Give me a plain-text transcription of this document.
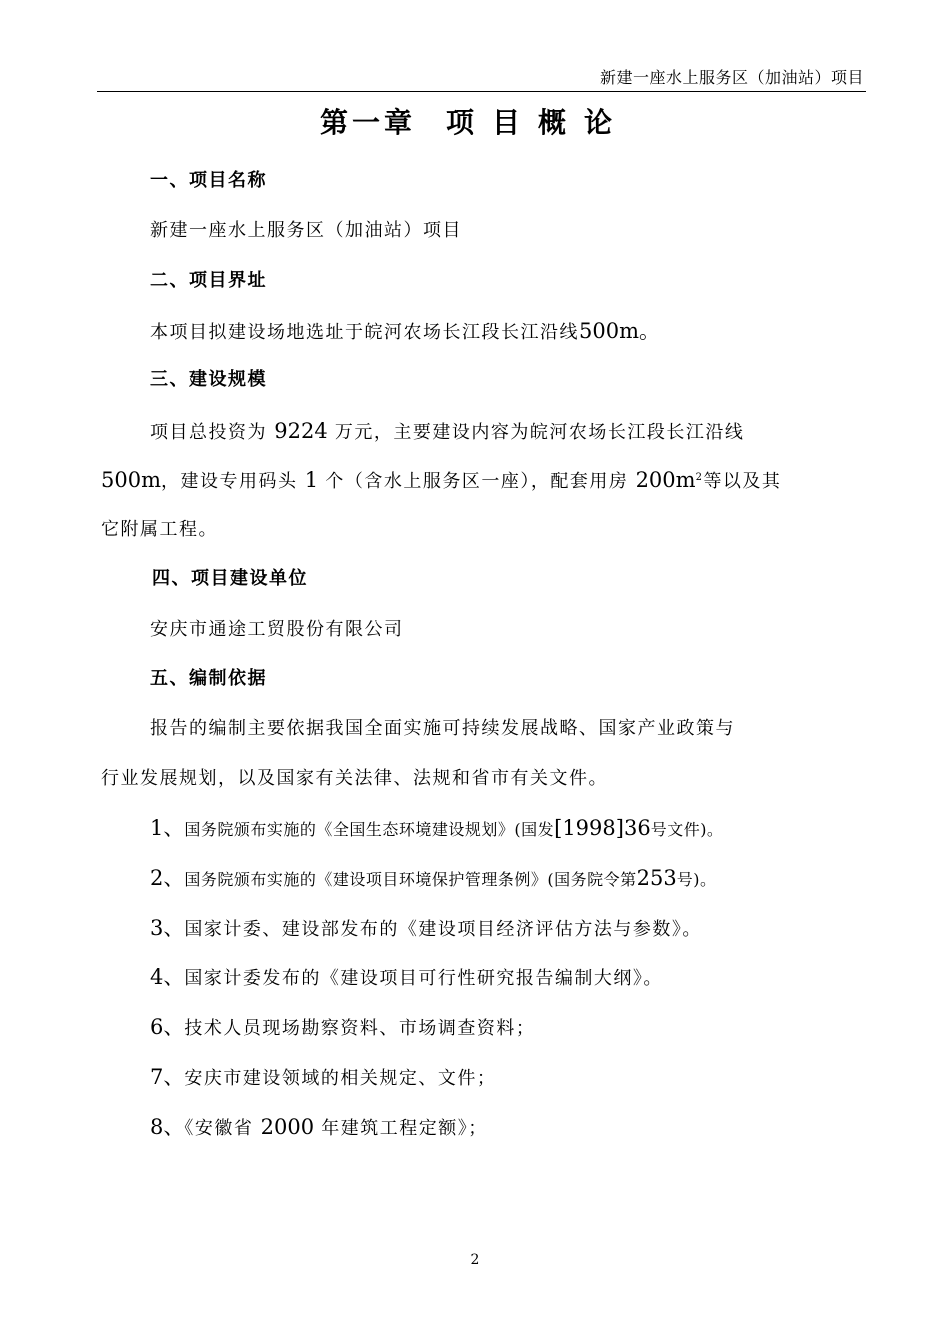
新建一座水上服务区（加油站）项目
第一章 项目概论
一、项目名称
新建一座水上服务区（加油站）项目
二、项目界址
本项目拟建设场地选址于皖河农场长江段长江沿线500m。
三、建设规模
项目总投资为 9224 万元，主要建设内容为皖河农场长江段长江沿线
500m，建设专用码头 1 个（含水上服务区一座），配套用房 $200m^2$等以及其
它附属工程。
四、项目建设单位
安庆市通途工贸股份有限公司
五、编制依据
报告的编制主要依据我国全面实施可持续发展战略、国家产业政策与
行业发展规划，以及国家有关法律、法规和省市有关文件。
1、国务院颁布实施的《全国生态环境建设规划》(国发[1998]36号文件)。
2、国务院颁布实施的《建设项目环境保护管理条例》(国务院令第253号)。
3、国家计委、建设部发布的《建设项目经济评估方法与参数》。
4、国家计委发布的《建设项目可行性研究报告编制大纲》。
6、技术人员现场勘察资料、市场调查资料；
7、安庆市建设领域的相关规定、文件；
8、《安徽省 2000 年建筑工程定额》；
2
